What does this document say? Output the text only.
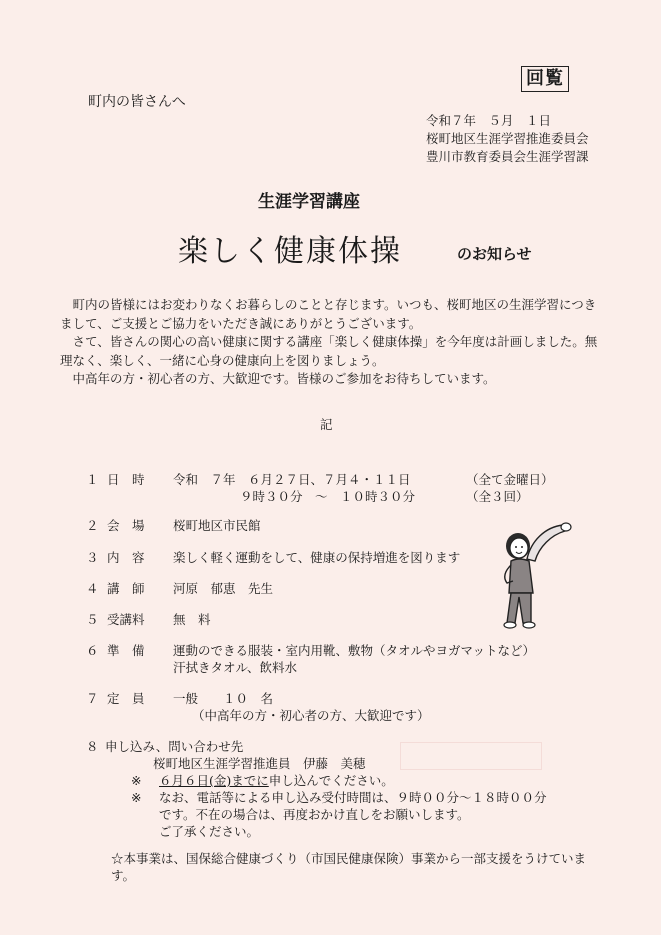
回覧
町内の皆さんへ
令和７年　５月　１日
桜町地区生涯学習推進委員会
豊川市教育委員会生涯学習課
生涯学習講座
楽しく健康体操	のお知らせ

町内の皆様にはお変わりなくお暮らしのことと存じます。いつも、桜町地区の生涯学習につきまして、ご支援とご協力をいただき誠にありがとうございます。

さて、皆さんの関心の高い健康に関する講座「楽しく健康体操」を今年度は計画しました。無理なく、楽しく、一緒に心身の健康向上を図りましょう。

中高年の方・初心者の方、大歓迎です。皆様のご参加をお待ちしています。

記
１ 日　時 令和　７年　６月２７日、７月４・１１日	（全て金曜日）
９時３０分　～　１０時３０分	（全３回）
２ 会　場 桜町地区市民館
３ 内　容 楽しく軽く運動をして、健康の保持増進を図ります
４ 講　師 河原　郁恵　先生
５ 受講料 無　料
６ 準　備 運動のできる服装・室内用靴、敷物（タオルやヨガマットなど）
汗拭きタオル、飲料水
７ 定　員 一般　　１０　名
（中高年の方・初心者の方、大歓迎です）
８ 申し込み、問い合わせ先
桜町地区生涯学習推進員　伊藤　美穂
※ ６月６日(金)までに申し込んでください。
※ なお、電話等による申し込み受付時間は、９時００分～１８時００分
です。不在の場合は、再度おかけ直しをお願いします。
ご了承ください。
☆本事業は、国保総合健康づくり（市国民健康保険）事業から一部支援をうけています。
